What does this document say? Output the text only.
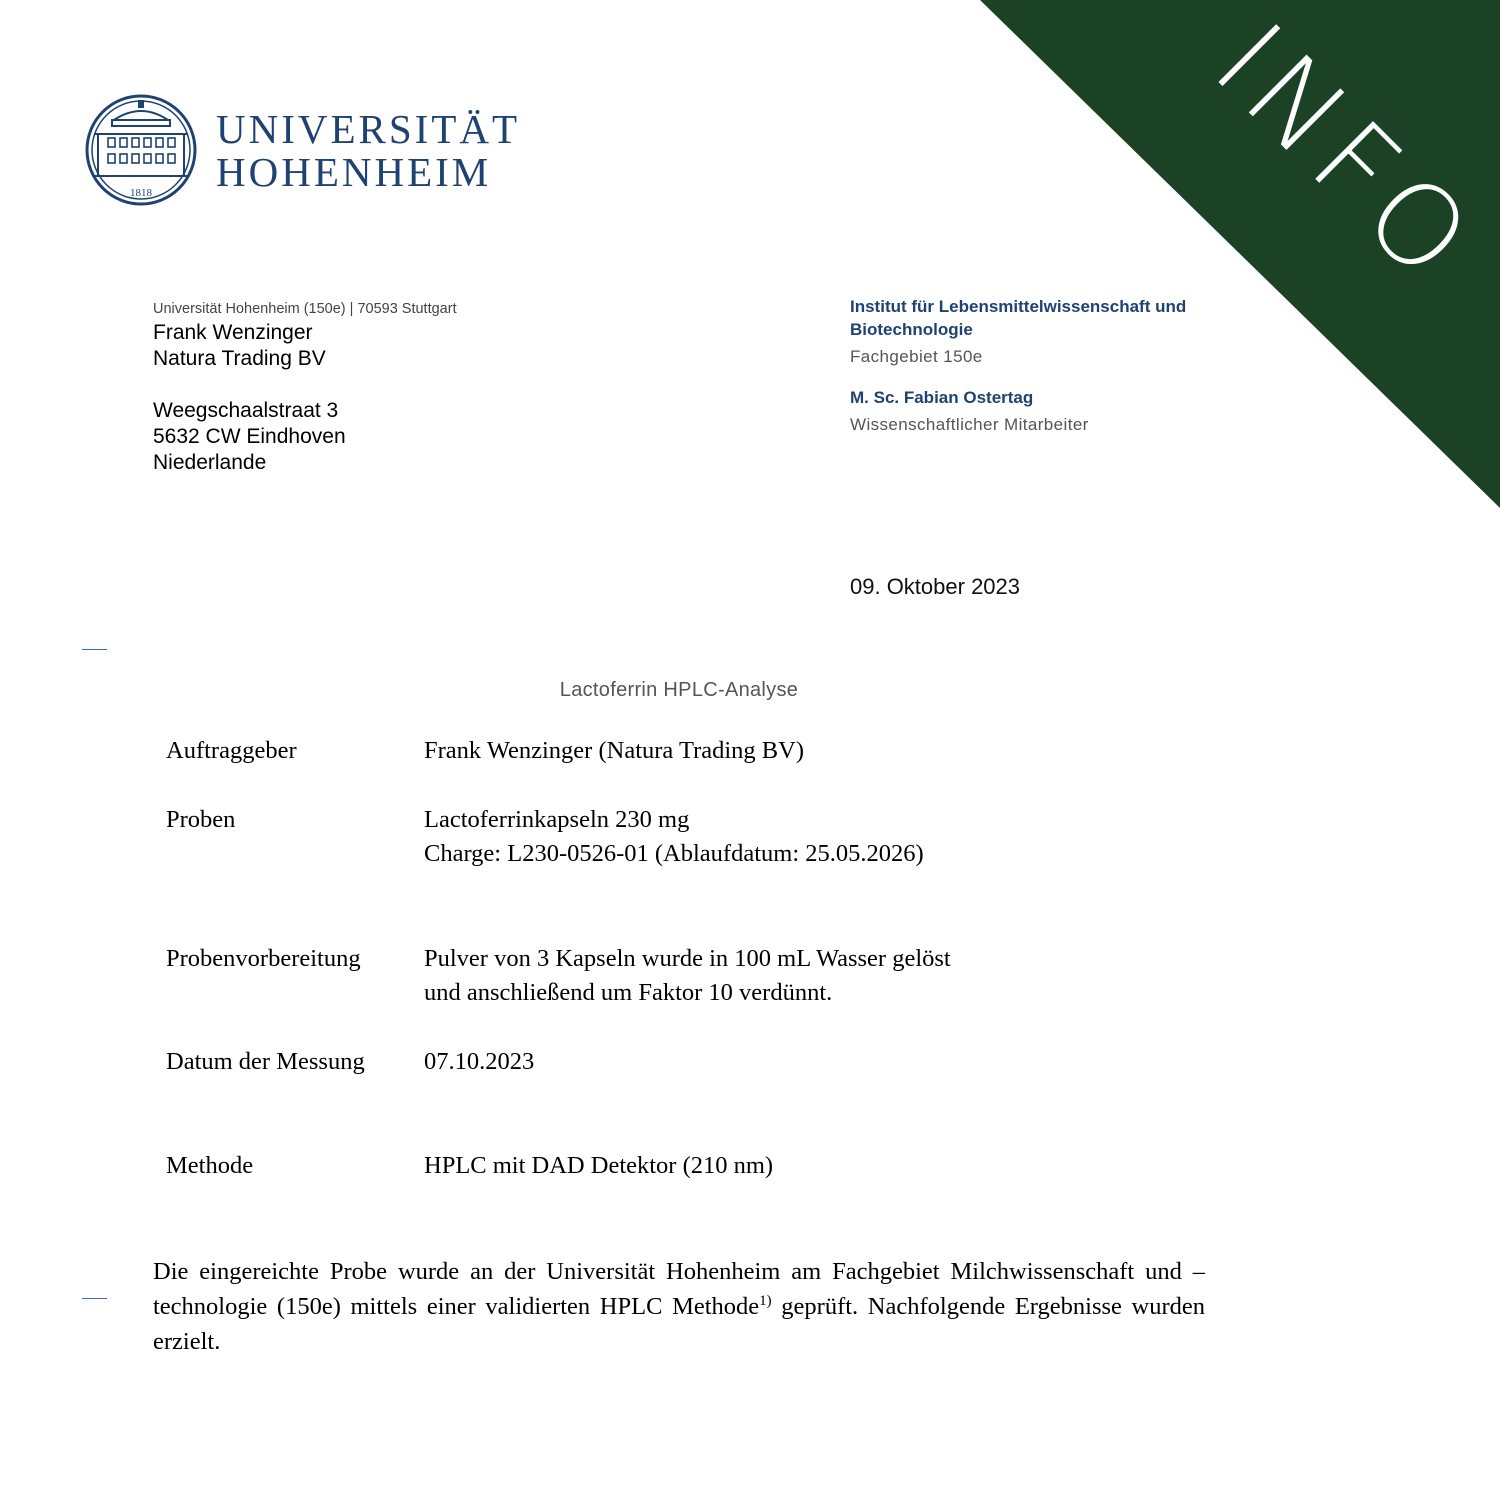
INFO
1818
UNIVERSITÄT
HOHENHEIM
Universität Hohenheim (150e) | 70593 Stuttgart
Frank Wenzinger
Natura Trading BV
Weegschaalstraat 3
5632 CW Eindhoven
Niederlande
Institut für Lebensmittelwissenschaft und
Biotechnologie
Fachgebiet 150e
M. Sc. Fabian Ostertag
Wissenschaftlicher Mitarbeiter
09. Oktober 2023
Lactoferrin HPLC-Analyse
Auftraggeber	Frank Wenzinger (Natura Trading BV)
Proben	Lactoferrinkapseln 230 mg
Charge: L230-0526-01 (Ablaufdatum: 25.05.2026)
Probenvorbereitung	Pulver von 3 Kapseln wurde in 100 mL Wasser gelöst
und anschließend um Faktor 10 verdünnt.
Datum der Messung	07.10.2023
Methode	HPLC mit DAD Detektor (210 nm)
Die eingereichte Probe wurde an der Universität Hohenheim am Fachgebiet Milchwissenschaft und –technologie (150e) mittels einer validierten HPLC Methode$^{1)}$ geprüft. Nachfolgende Ergebnisse wurden erzielt.
